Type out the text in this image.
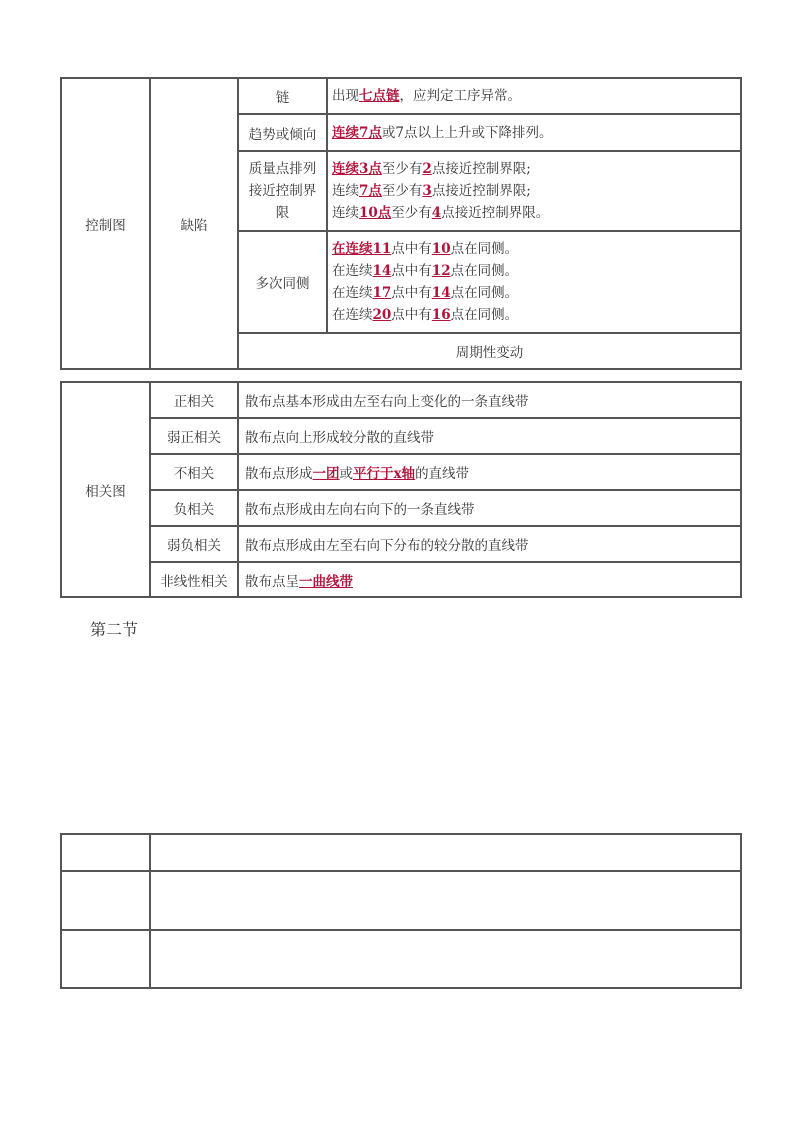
控制图	缺陷	链	出现七点链，应判定工序异常。

		趋势或倾向	连续7点或7点以上上升或下降排列。

		质量点排列接近控制界限	连续3点至少有2点接近控制界限;
连续7点至少有3点接近控制界限;
连续10点至少有4点接近控制界限。

		多次同侧	在连续11点中有10点在同侧。
在连续14点中有12点在同侧。
在连续17点中有14点在同侧。
在连续20点中有16点在同侧。

		周期性变动	
相关图	正相关	散布点基本形成由左至右向上变化的一条直线带
	弱正相关	散布点向上形成较分散的直线带
	不相关	散布点形成一团或平行于x轴的直线带
	负相关	散布点形成由左向右向下的一条直线带
	弱负相关	散布点形成由左至右向下分布的较分散的直线带
	非线性相关	散布点呈一曲线带
第二节
